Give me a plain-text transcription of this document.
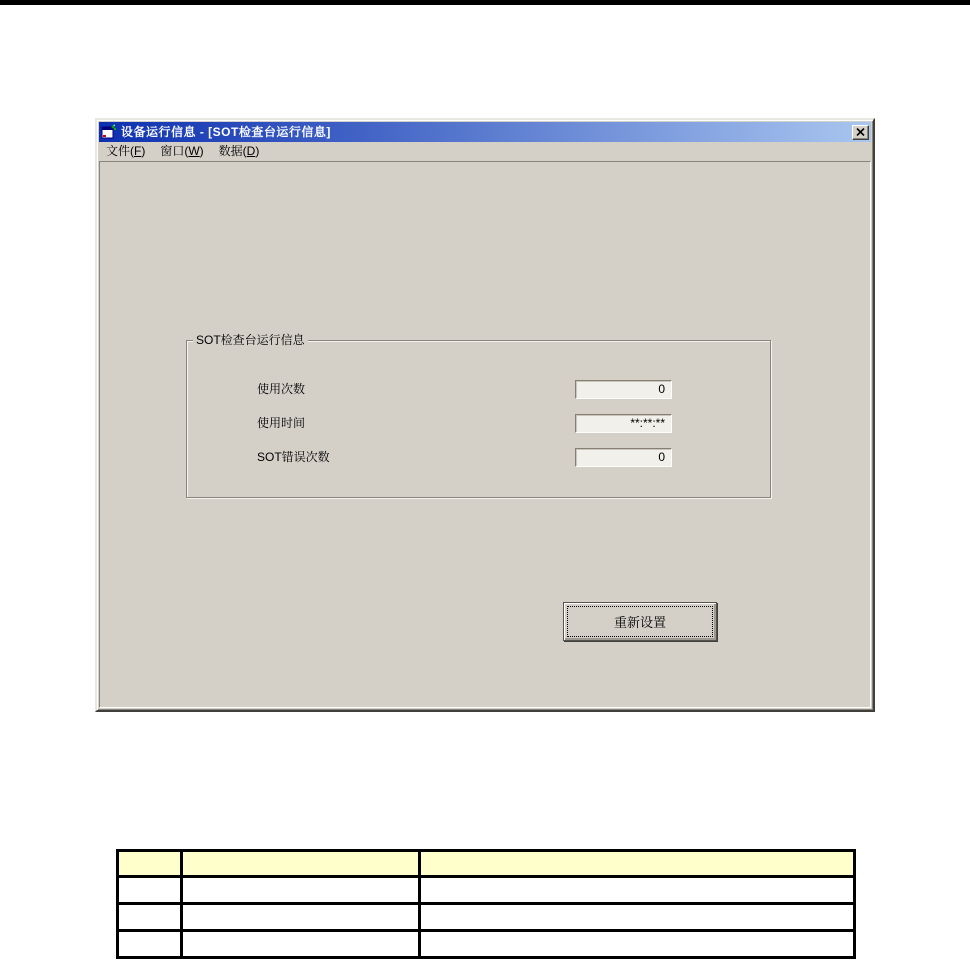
设备运行信息 - [SOT检查台运行信息]
文件(F) 窗口(W) 数据(D)
SOT检查台运行信息
使用次数	0
使用时间	**:**:**
SOT错误次数	0
重新设置
